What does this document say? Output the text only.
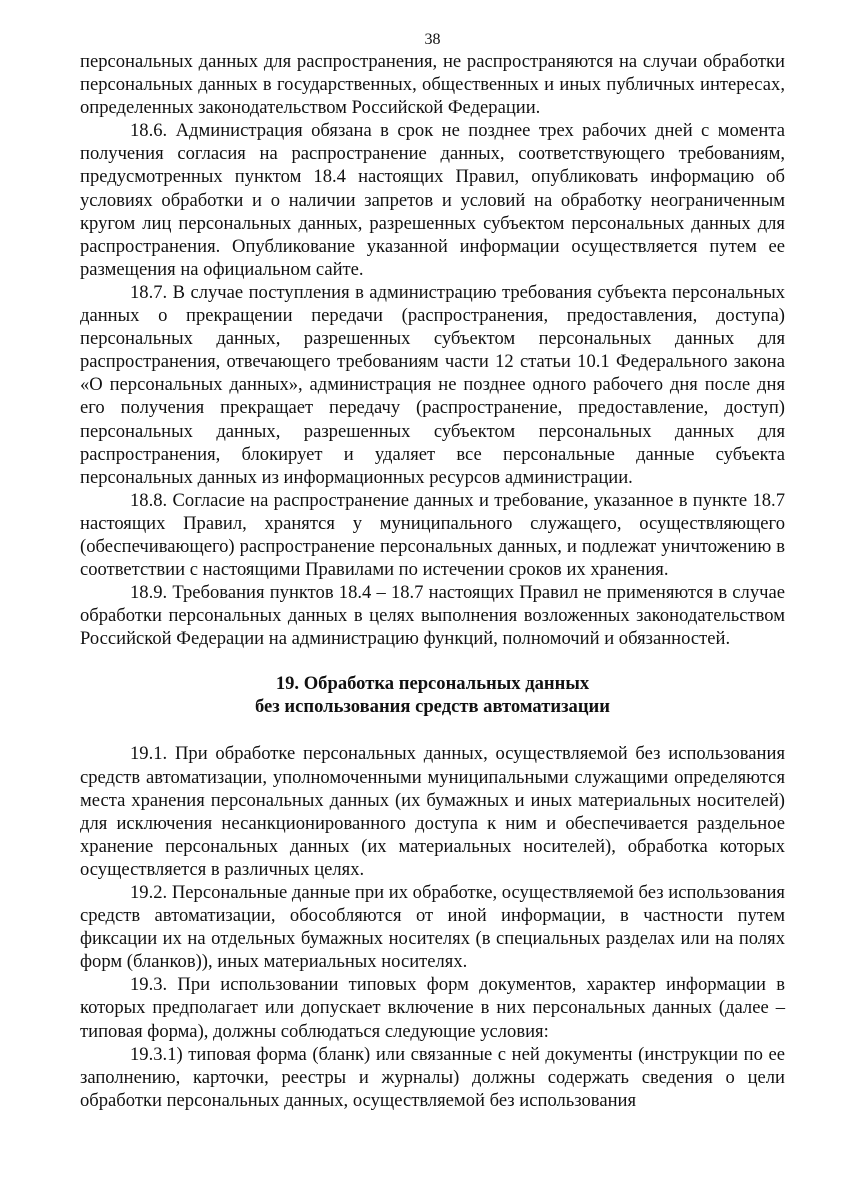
38

персональных данных для распространения, не распространяются на случаи обработки персональных данных в государственных, общественных и иных публичных интересах, определенных законодательством Российской Федерации.

18.6. Администрация обязана в срок не позднее трех рабочих дней с момента получения согласия на распространение данных, соответствующего требованиям, предусмотренных пунктом 18.4 настоящих Правил, опубликовать информацию об условиях обработки и о наличии запретов и условий на обработку неограниченным кругом лиц персональных данных, разрешенных субъектом персональных данных для распространения. Опубликование указанной информации осуществляется путем ее размещения на официальном сайте.

18.7. В случае поступления в администрацию требования субъекта персональных данных о прекращении передачи (распространения, предоставления, доступа) персональных данных, разрешенных субъектом персональных данных для распространения, отвечающего требованиям части 12 статьи 10.1 Федерального закона «О персональных данных», администрация не позднее одного рабочего дня после дня его получения прекращает передачу (распространение, предоставление, доступ) персональных данных, разрешенных субъектом персональных данных для распространения, блокирует и удаляет все персональные данные субъекта персональных данных из информационных ресурсов администрации.

18.8. Согласие на распространение данных и требование, указанное в пункте 18.7 настоящих Правил, хранятся у муниципального служащего, осуществляющего (обеспечивающего) распространение персональных данных, и подлежат уничтожению в соответствии с настоящими Правилами по истечении сроков их хранения.

18.9. Требования пунктов 18.4 – 18.7 настоящих Правил не применяются в случае обработки персональных данных в целях выполнения возложенных законодательством Российской Федерации на администрацию функций, полномочий и обязанностей.

19. Обработка персональных данных
без использования средств автоматизации

19.1. При обработке персональных данных, осуществляемой без использования средств автоматизации, уполномоченными муниципальными служащими определяются места хранения персональных данных (их бумажных и иных материальных носителей) для исключения несанкционированного доступа к ним и обеспечивается раздельное хранение персональных данных (их материальных носителей), обработка которых осуществляется в различных целях.

19.2. Персональные данные при их обработке, осуществляемой без использования средств автоматизации, обособляются от иной информации, в частности путем фиксации их на отдельных бумажных носителях (в специальных разделах или на полях форм (бланков)), иных материальных носителях.

19.3. При использовании типовых форм документов, характер информации в которых предполагает или допускает включение в них персональных данных (далее – типовая форма), должны соблюдаться следующие условия:

19.3.1) типовая форма (бланк) или связанные с ней документы (инструкции по ее заполнению, карточки, реестры и журналы) должны содержать сведения о цели обработки персональных данных, осуществляемой без использования
